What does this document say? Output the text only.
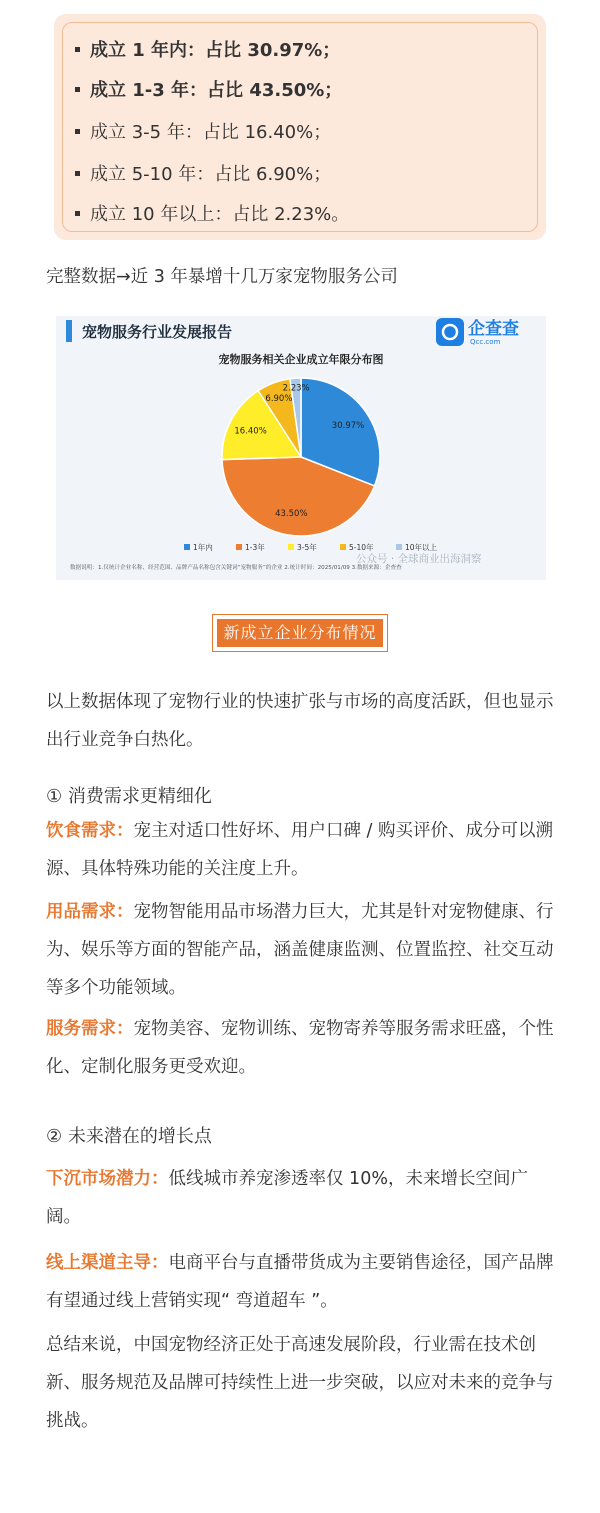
成立 1 年内：占比 30.97%；
成立 1-3 年：占比 43.50%；
成立 3-5 年：占比 16.40%；
成立 5-10 年：占比 6.90%；
成立 10 年以上：占比 2.23%。
完整数据→近 3 年暴增十几万家宠物服务公司
宠物服务行业发展报告	企查查
Qcc.com
宠物服务相关企业成立年限分布图
30.97%
43.50%
16.40%
6.90%
2.23%
1年内	1-3年	3-5年	5-10年	10年以上
数据说明：1.仅统计企业名称、经营范围、品牌产品名称包含关键词“宠物服务”的企业 2.统计时间：2025/01/09 3.数据来源：企查查
公众号 · 全球商业出海洞察
新成立企业分布情况
以上数据体现了宠物行业的快速扩张与市场的高度活跃，但也显示出行业竞争白热化。
① 消费需求更精细化
饮食需求：宠主对适口性好坏、用户口碑 / 购买评价、成分可以溯源、具体特殊功能的关注度上升。
用品需求：宠物智能用品市场潜力巨大，尤其是针对宠物健康、行为、娱乐等方面的智能产品，涵盖健康监测、位置监控、社交互动等多个功能领域。
服务需求：宠物美容、宠物训练、宠物寄养等服务需求旺盛，个性化、定制化服务更受欢迎。
② 未来潜在的增长点
下沉市场潜力：低线城市养宠渗透率仅 10%，未来增长空间广阔。
线上渠道主导：电商平台与直播带货成为主要销售途径，国产品牌有望通过线上营销实现“ 弯道超车 ”。
总结来说，中国宠物经济正处于高速发展阶段，行业需在技术创新、服务规范及品牌可持续性上进一步突破，以应对未来的竞争与挑战。
